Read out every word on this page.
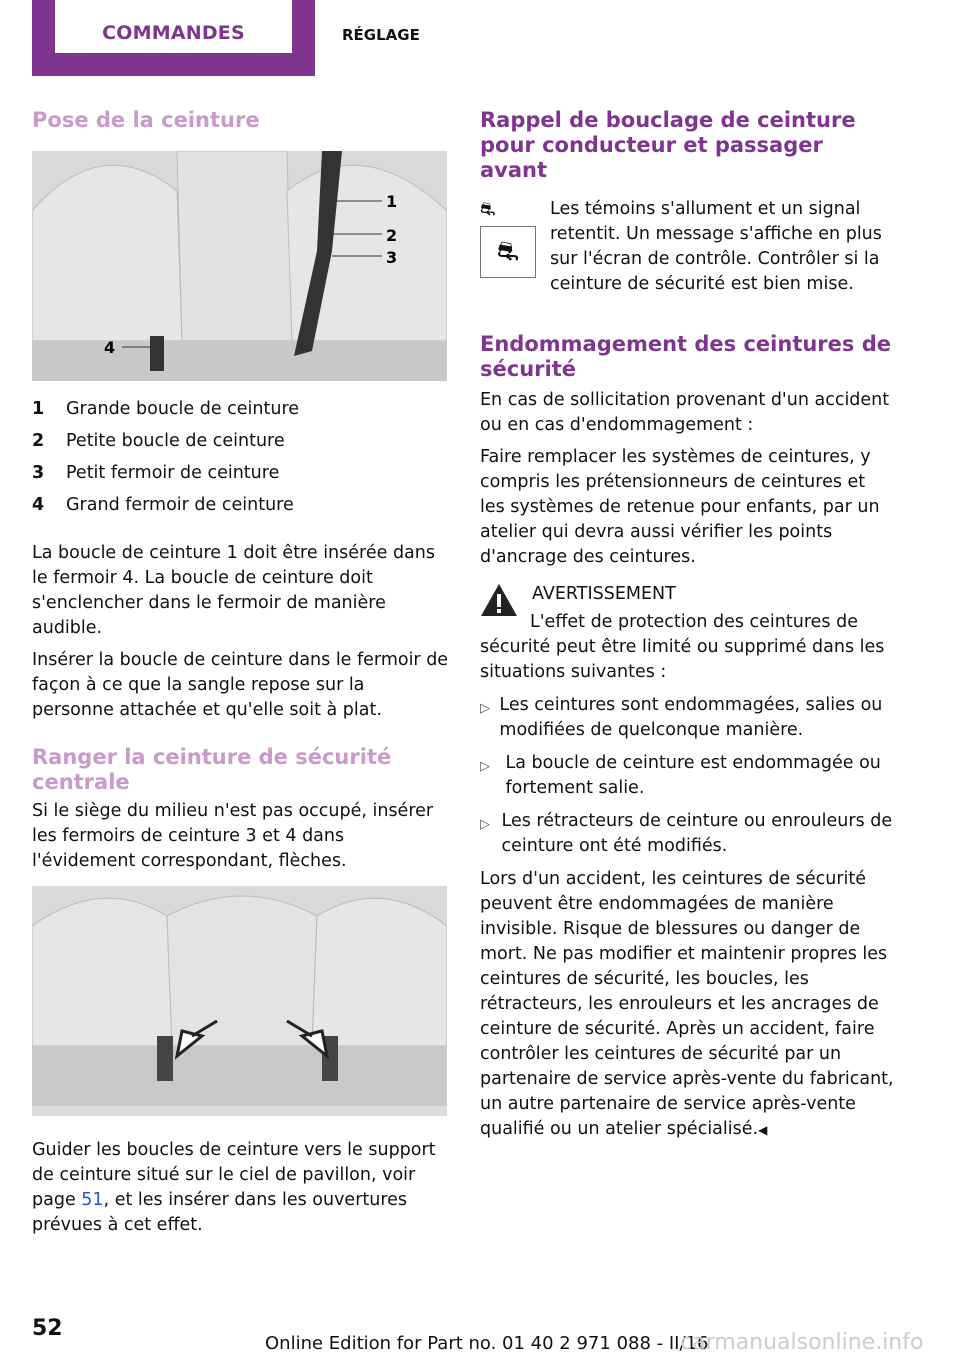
COMMANDES	RÉGLAGE
Pose de la ceinture
1
2
3
4
1	Grande boucle de ceinture
2	Petite boucle de ceinture
3	Petit fermoir de ceinture
4	Grand fermoir de ceinture

La boucle de ceinture 1 doit être insérée dans le fermoir 4. La boucle de ceinture doit s'enclencher dans le fermoir de manière audible.

Insérer la boucle de ceinture dans le fermoir de façon à ce que la sangle repose sur la personne attachée et qu'elle soit à plat.

Ranger la ceinture de sécurité centrale

Si le siège du milieu n'est pas occupé, insérer les fermoirs de ceinture 3 et 4 dans l'évidement correspondant, flèches.

Guider les boucles de ceinture vers le support de ceinture situé sur le ciel de pavillon, voir page 51, et les insérer dans les ouvertures prévues à cet effet.

Rappel de bouclage de ceinture pour conducteur et passager avant
⛐
⛐

Les témoins s'allument et un signal retentit. Un message s'affiche en plus sur l'écran de contrôle. Contrôler si la ceinture de sécurité est bien mise.

Endommagement des ceintures de sécurité

En cas de sollicitation provenant d'un accident ou en cas d'endommagement :

Faire remplacer les systèmes de ceintures, y compris les prétensionneurs de ceintures et les systèmes de retenue pour enfants, par un atelier qui devra aussi vérifier les points d'ancrage des ceintures.

AVERTISSEMENT

L'effet de protection des ceintures de sécurité peut être limité ou supprimé dans les situations suivantes :

▷ Les ceintures sont endommagées, salies ou modifiées de quelconque manière.
▷ La boucle de ceinture est endommagée ou fortement salie.
▷ Les rétracteurs de ceinture ou enrouleurs de ceinture ont été modifiés.

Lors d'un accident, les ceintures de sécurité peuvent être endommagées de manière invisible. Risque de blessures ou danger de mort. Ne pas modifier et maintenir propres les ceintures de sécurité, les boucles, les rétracteurs, les enrouleurs et les ancrages de ceinture de sécurité. Après un accident, faire contrôler les ceintures de sécurité par un partenaire de service après-vente du fabricant, un autre partenaire de service après-vente qualifié ou un atelier spécialisé.◀

52
Online Edition for Part no. 01 40 2 971 088 - II/16
carmanualsonline.info
